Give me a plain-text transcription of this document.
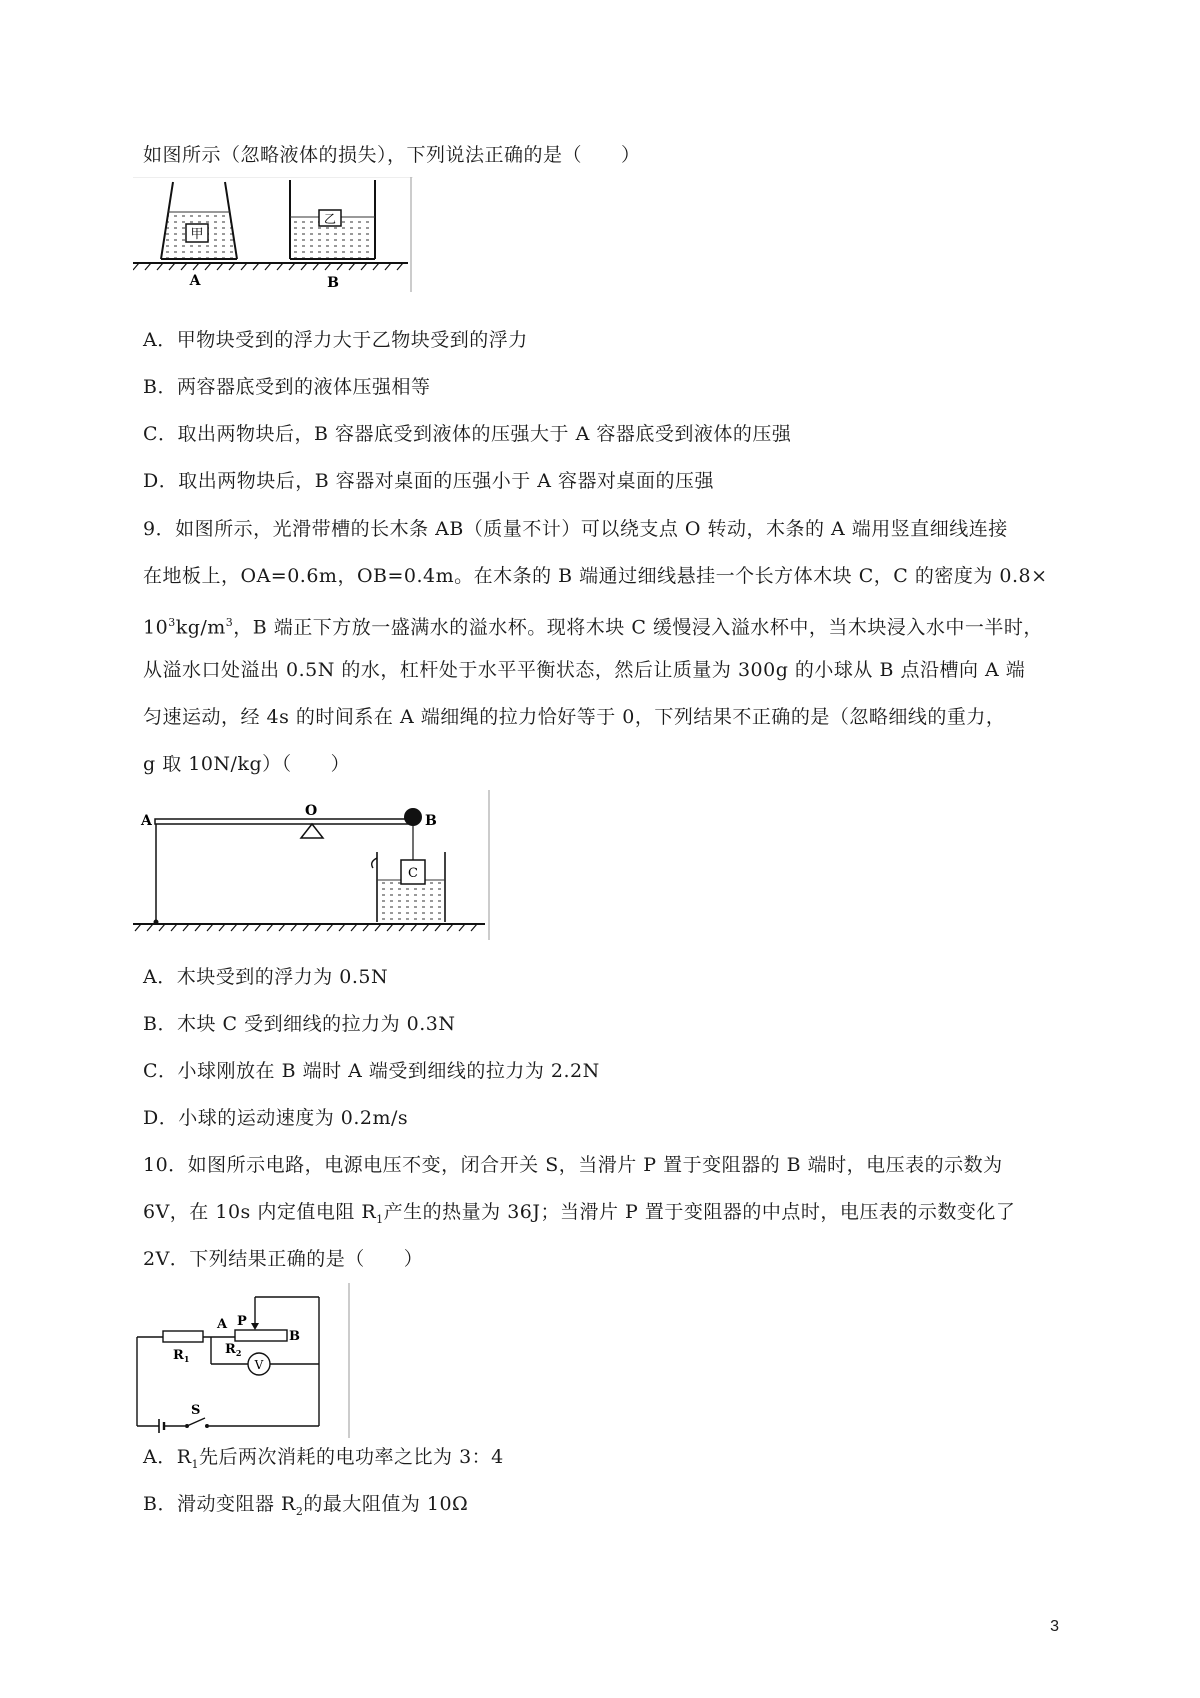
如图所示（忽略液体的损失），下列说法正确的是（　　）
甲
乙
A	B
A．甲物块受到的浮力大于乙物块受到的浮力
B．两容器底受到的液体压强相等
C．取出两物块后，B 容器底受到液体的压强大于 A 容器底受到液体的压强
D．取出两物块后，B 容器对桌面的压强小于 A 容器对桌面的压强
9．如图所示，光滑带槽的长木条 AB（质量不计）可以绕支点 O 转动，木条的 A 端用竖直细线连接
在地板上，OA=0.6m，OB=0.4m。在木条的 B 端通过细线悬挂一个长方体木块 C，C 的密度为 0.8×
$10^3kg/m^3$，B 端正下方放一盛满水的溢水杯。现将木块 C 缓慢浸入溢水杯中，当木块浸入水中一半时，
从溢水口处溢出 0.5N 的水，杠杆处于水平平衡状态，然后让质量为 300g 的小球从 B 点沿槽向 A 端
匀速运动，经 4s 的时间系在 A 端细绳的拉力恰好等于 0，下列结果不正确的是（忽略细线的重力，
g 取 10N/kg）（　　）
A
O
B
C
A．木块受到的浮力为 0.5N
B．木块 C 受到细线的拉力为 0.3N
C．小球刚放在 B 端时 A 端受到细线的拉力为 2.2N
D．小球的运动速度为 0.2m/s
10．如图所示电路，电源电压不变，闭合开关 S，当滑片 P 置于变阻器的 B 端时，电压表的示数为
6V，在 10s 内定值电阻 $R_1$产生的热量为 36J；当滑片 P 置于变阻器的中点时，电压表的示数变化了
2V．下列结果正确的是（　　）
$R_1$
A P
B
$R_2$
V
S
A．$R_1$先后两次消耗的电功率之比为 3：4
B．滑动变阻器 $R_2$的最大阻值为 10Ω
3
